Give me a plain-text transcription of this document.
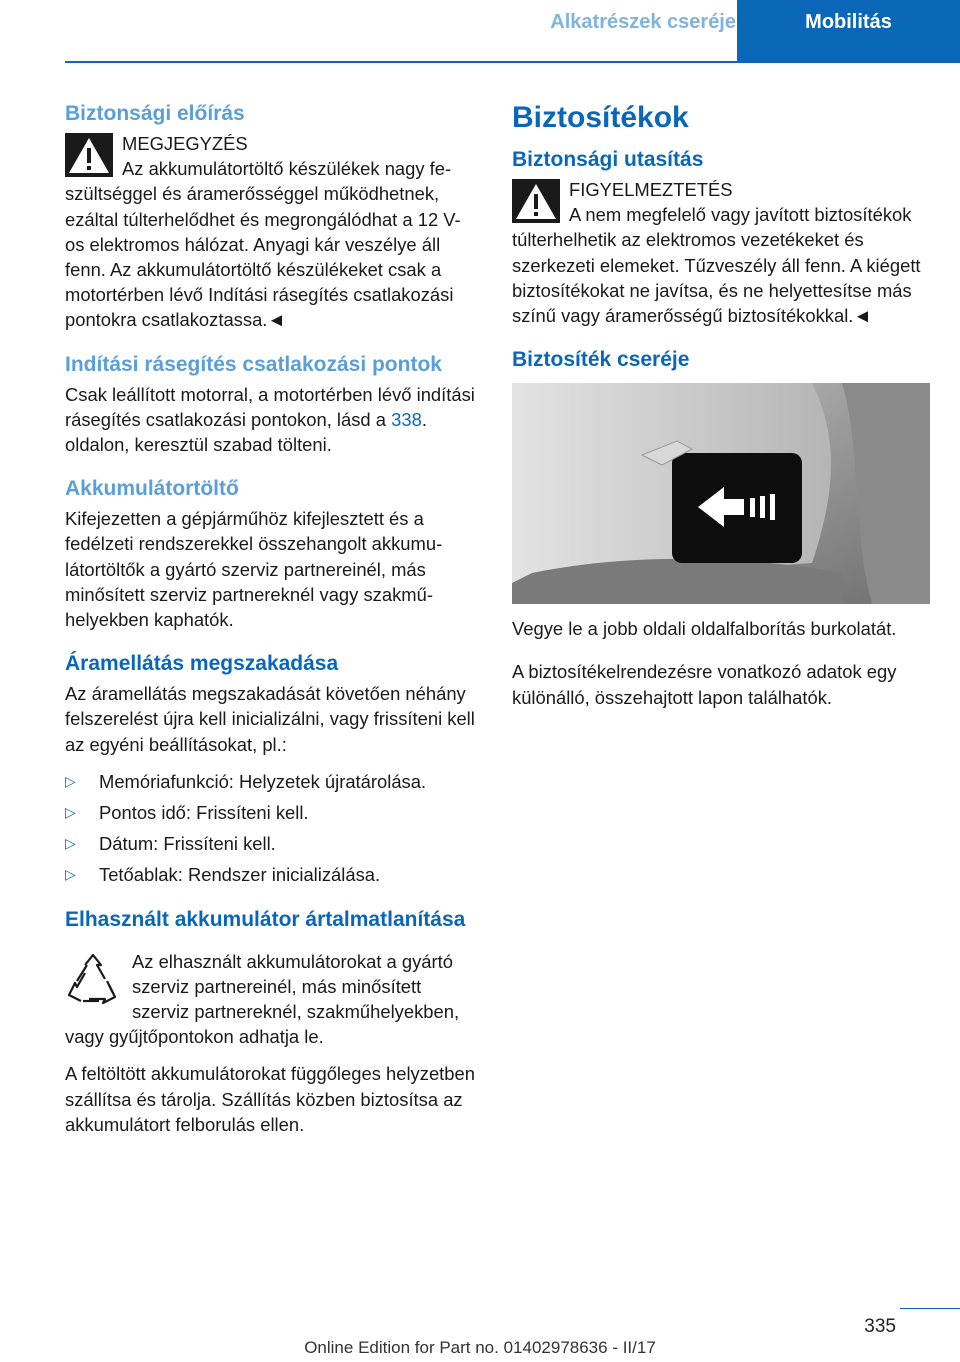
Alkatrészek cseréje	Mobilitás
Biztonsági előírás
MEGJEGYZÉS

Az akkumulátortöltő készülékek nagy feszültséggel és áramerősséggel működhetnek, ezáltal túlterhelődhet és megrongálódhat a 12 V-os elektromos hálózat. Anyagi kár veszélye áll fenn. Az akkumulátortöltő készülékeket csak a motortérben lévő Indítási rásegítés csatlakozási pontokra csatlakoztassa.◄

Indítási rásegítés csatlakozási pontok

Csak leállított motorral, a motortérben lévő indítási rásegítés csatlakozási pontokon, lásd a 338. oldalon, keresztül szabad tölteni.

Akkumulátortöltő

Kifejezetten a gépjárműhöz kifejlesztett és a fedélzeti rendszerekkel összehangolt akkumulátortöltők a gyártó szerviz partnereinél, más minősített szerviz partnereknél vagy szakműhelyekben kaphatók.

Áramellátás megszakadása

Az áramellátás megszakadását követően néhány felszerelést újra kell inicializálni, vagy frissíteni kell az egyéni beállításokat, pl.:

▷ Memóriafunkció: Helyzetek újratárolása.
▷ Pontos idő: Frissíteni kell.
▷ Dátum: Frissíteni kell.
▷ Tetőablak: Rendszer inicializálása.
Elhasznált akkumulátor ártalmatlanítása

Az elhasznált akkumulátorokat a gyártó szerviz partnereinél, más minősített szerviz partnereknél, szakműhelyekben, vagy gyűjtőpontokon adhatja le.

A feltöltött akkumulátorokat függőleges helyzetben szállítsa és tárolja. Szállítás közben biztosítsa az akkumulátort felborulás ellen.

Biztosítékok
Biztonsági utasítás
FIGYELMEZTETÉS

A nem megfelelő vagy javított biztosítékok túlterhelhetik az elektromos vezetékeket és szerkezeti elemeket. Tűzveszély áll fenn. A kiégett biztosítékokat ne javítsa, és ne helyettesítse más színű vagy áramerősségű biztosítékokkal.◄

Biztosíték cseréje

Vegye le a jobb oldali oldalfalborítás burkolatát.

A biztosítékelrendezésre vonatkozó adatok egy különálló, összehajtott lapon találhatók.

335
Online Edition for Part no. 01402978636 - II/17
